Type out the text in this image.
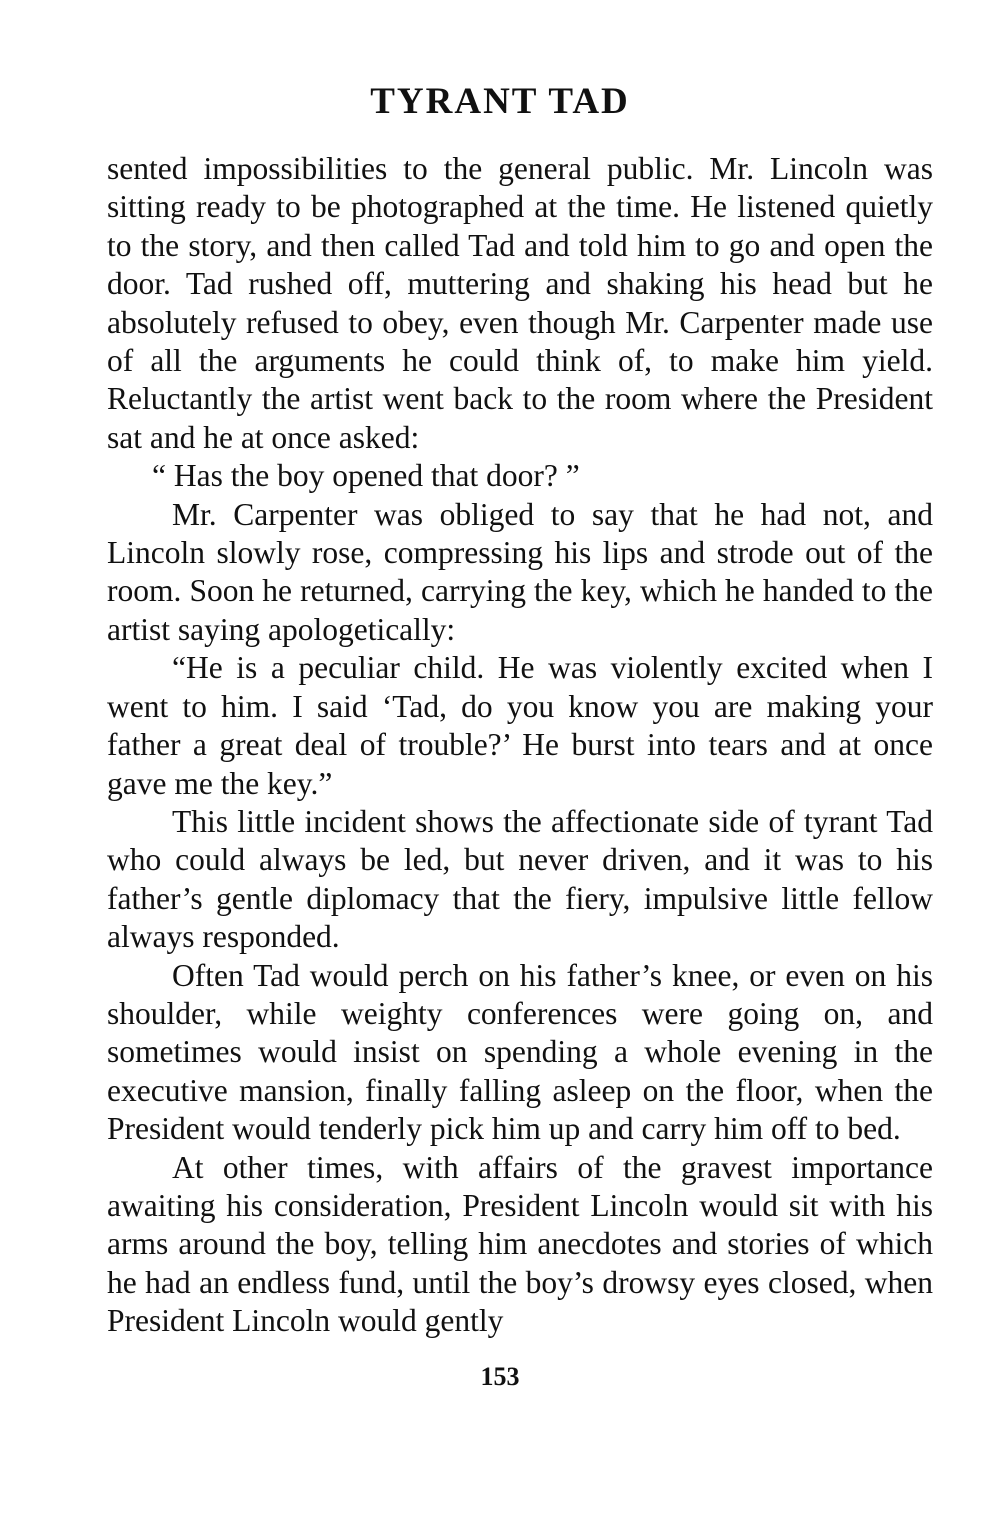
TYRANT TAD

sented impossibilities to the general public. Mr. Lincoln was sitting ready to be photographed at the time. He listened quietly to the story, and then called Tad and told him to go and open the door. Tad rushed off, muttering and shaking his head but he absolutely refused to obey, even though Mr. Carpenter made use of all the arguments he could think of, to make him yield. Reluctantly the artist went back to the room where the President sat and he at once asked:

“ Has the boy opened that door? ”

Mr. Carpenter was obliged to say that he had not, and Lincoln slowly rose, compressing his lips and strode out of the room. Soon he returned, carrying the key, which he handed to the artist saying apologetically:

“He is a peculiar child. He was violently excited when I went to him. I said ‘Tad, do you know you are making your father a great deal of trouble?’ He burst into tears and at once gave me the key.”

This little incident shows the affectionate side of tyrant Tad who could always be led, but never driven, and it was to his father’s gentle diplomacy that the fiery, impulsive little fellow always responded.

Often Tad would perch on his father’s knee, or even on his shoulder, while weighty conferences were going on, and sometimes would insist on spending a whole evening in the executive mansion, finally falling asleep on the floor, when the President would tenderly pick him up and carry him off to bed.

At other times, with affairs of the gravest importance awaiting his consideration, President Lincoln would sit with his arms around the boy, telling him anecdotes and stories of which he had an endless fund, until the boy’s drowsy eyes closed, when President Lincoln would gently

153
